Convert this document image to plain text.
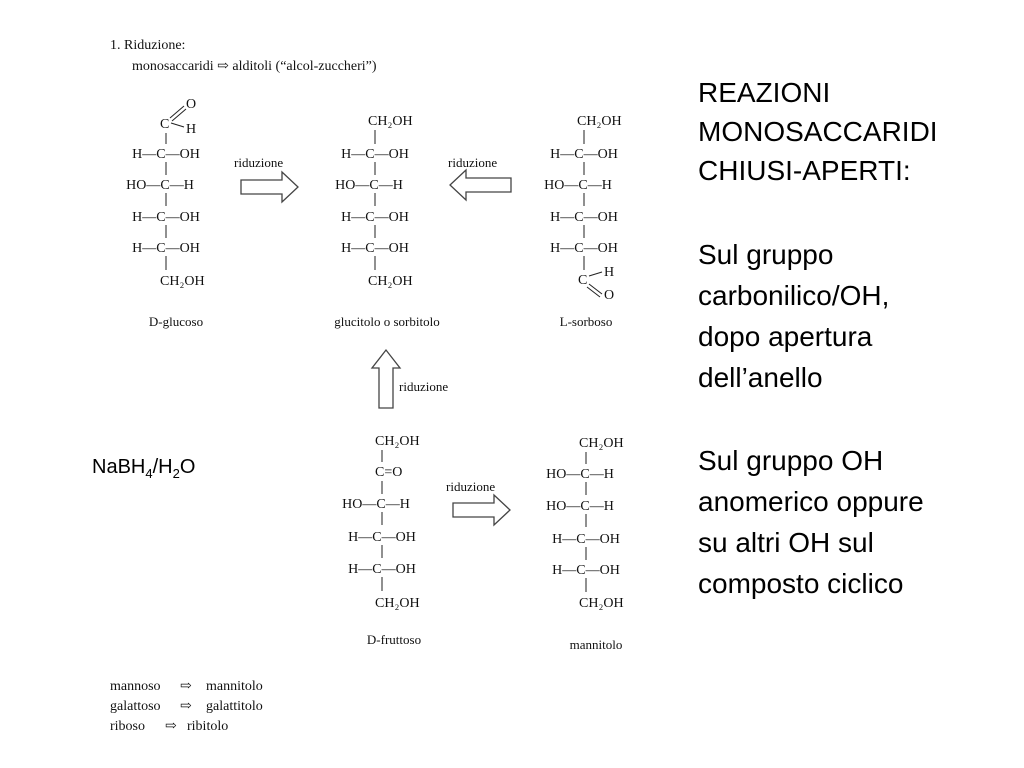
1. Riduzione:
monosaccaridi ⇨ alditoli (“alcol-zuccheri”)
C
O
H
H—C—OH
HO—C—H
H—C—OH
H—C—OH
CH₂OH
D-glucoso
riduzione
CH₂OH
H—C—OH
HO—C—H
H—C—OH
H—C—OH
CH₂OH
glucitolo o sorbitolo
riduzione
CH₂OH
H—C—OH
HO—C—H
H—C—OH
H—C—OH
C
H
O
L-sorboso
riduzione
CH₂OH
C=O
HO—C—H
H—C—OH
H—C—OH
CH₂OH
D-fruttoso
riduzione
CH₂OH
HO—C—H
HO—C—H
H—C—OH
H—C—OH
CH₂OH
mannitolo
mannoso ⇨ mannitolo
galattoso ⇨ galattitolo
riboso ⇨ ribitolo
$NaBH_4/H_2O$
REAZIONI
MONOSACCARIDI
CHIUSI-APERTI:
Sul gruppo
carbonilico/OH,
dopo apertura
dell’anello
Sul gruppo OH
anomerico oppure
su altri OH sul
composto ciclico
